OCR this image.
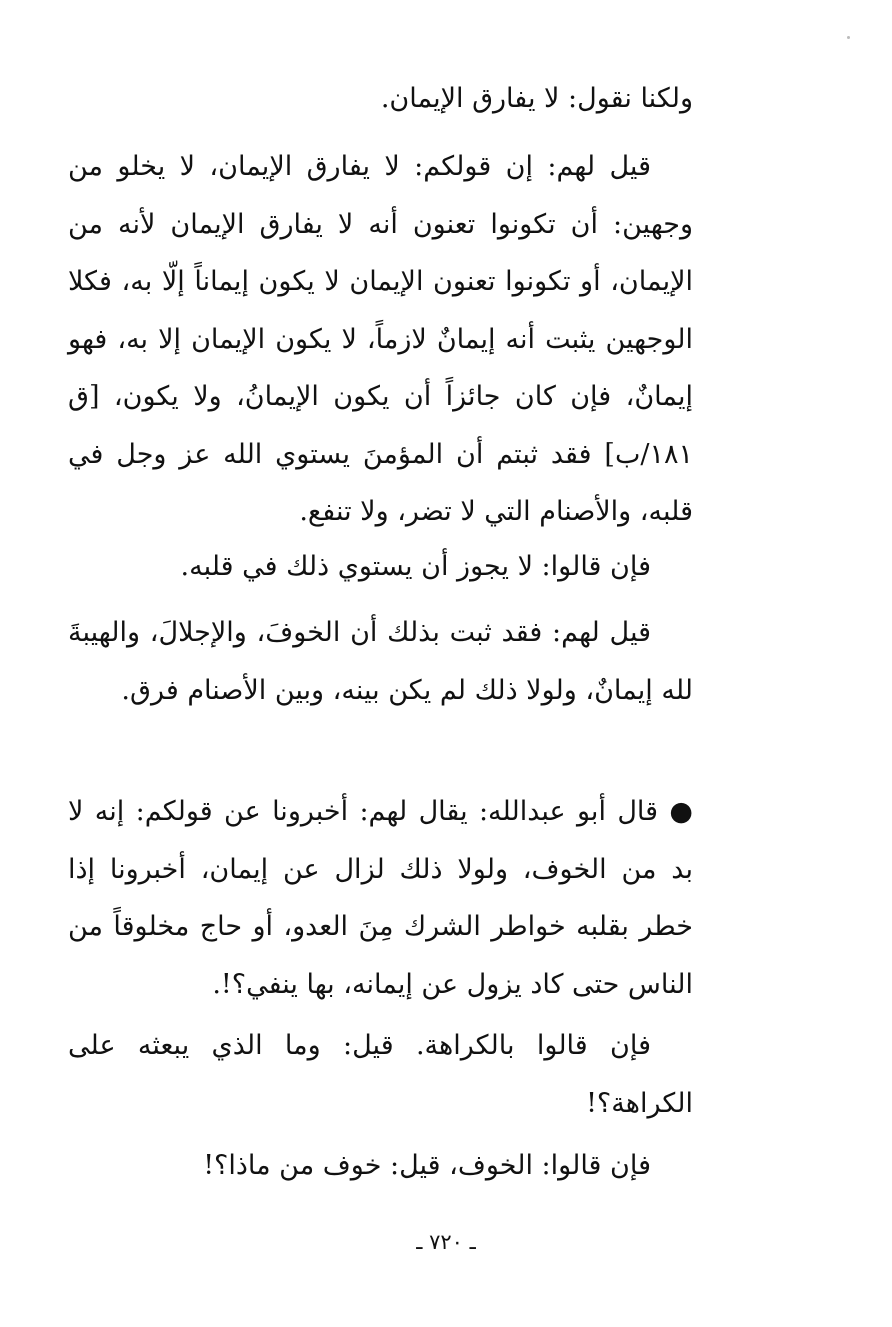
ولكنا نقول: لا يفارق الإيمان.

قيل لهم: إن قولكم: لا يفارق الإيمان، لا يخلو من وجهين: أن تكونوا تعنون أنه لا يفارق الإيمان لأنه من الإيمان، أو تكونوا تعنون الإيمان لا يكون إيماناً إلّا به، فكلا الوجهين يثبت أنه إيمانٌ لازماً، لا يكون الإيمان إلا به، فهو إيمانٌ، فإن كان جائزاً أن يكون الإيمانُ، ولا يكون، [ق ١٨١/ب] فقد ثبتم أن المؤمنَ يستوي الله عز وجل في قلبه، والأصنام التي لا تضر، ولا تنفع.

فإن قالوا: لا يجوز أن يستوي ذلك في قلبه.

قيل لهم: فقد ثبت بذلك أن الخوفَ، والإجلالَ، والهيبةَ لله إيمانٌ، ولولا ذلك لم يكن بينه، وبين الأصنام فرق.

● قال أبو عبدالله: يقال لهم: أخبرونا عن قولكم: إنه لا بد من الخوف، ولولا ذلك لزال عن إيمان، أخبرونا إذا خطر بقلبه خواطر الشرك مِنَ العدو، أو حاج مخلوقاً من الناس حتى كاد يزول عن إيمانه، بها ينفي؟!.

فإن قالوا بالكراهة. قيل: وما الذي يبعثه على الكراهة؟!

فإن قالوا: الخوف، قيل: خوف من ماذا؟!

ـ ٧٢٠ ـ
